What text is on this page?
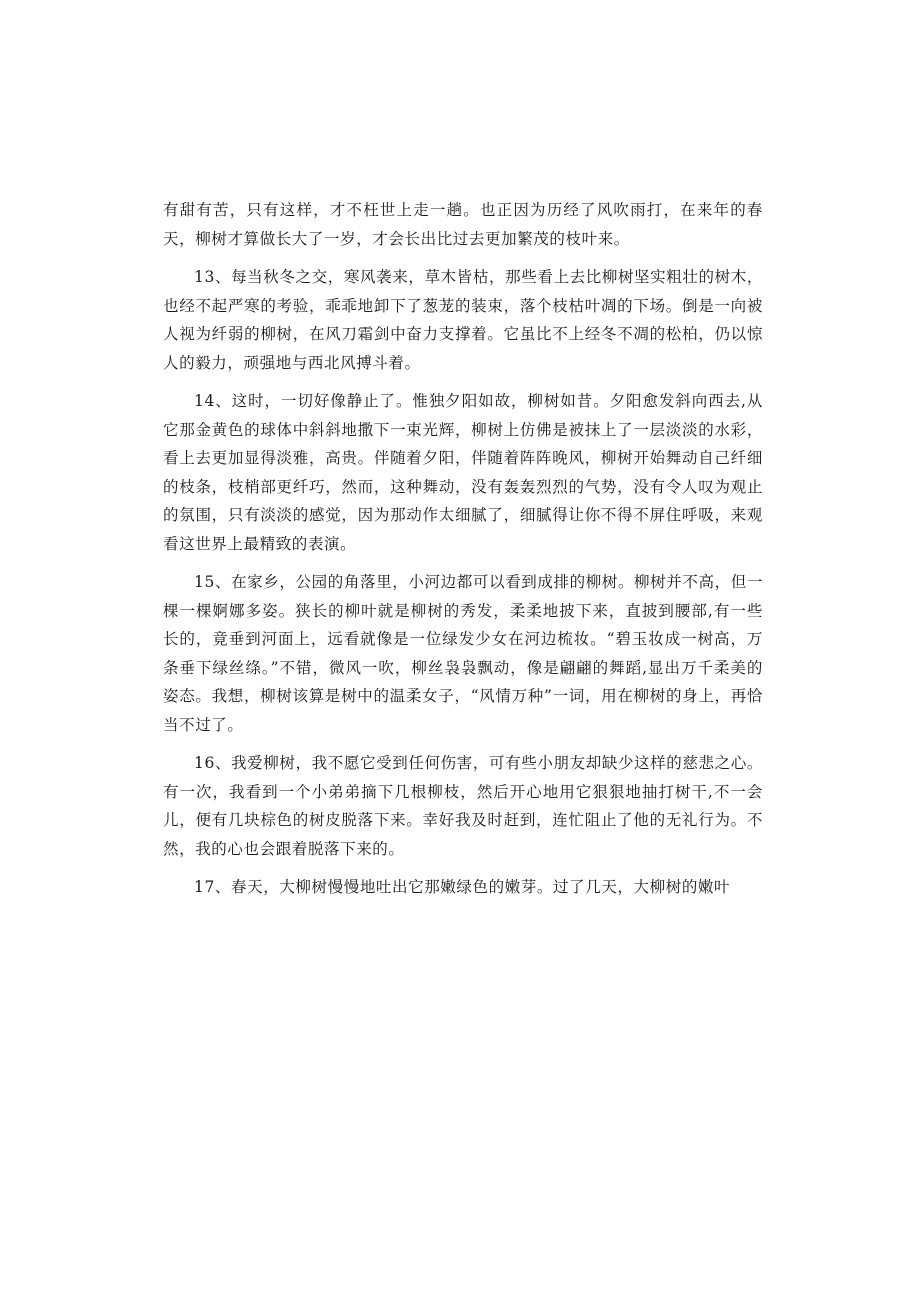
有甜有苦，只有这样，才不枉世上走一趟。也正因为历经了风吹雨打，在来年的春天，柳树才算做长大了一岁，才会长出比过去更加繁茂的枝叶来。

13、每当秋冬之交，寒风袭来，草木皆枯，那些看上去比柳树坚实粗壮的树木，也经不起严寒的考验，乖乖地卸下了葱茏的装束，落个枝枯叶凋的下场。倒是一向被人视为纤弱的柳树，在风刀霜剑中奋力支撑着。它虽比不上经冬不凋的松柏，仍以惊人的毅力，顽强地与西北风搏斗着。

14、这时，一切好像静止了。惟独夕阳如故，柳树如昔。夕阳愈发斜向西去,从它那金黄色的球体中斜斜地撒下一束光辉，柳树上仿佛是被抹上了一层淡淡的水彩，看上去更加显得淡雅，高贵。伴随着夕阳，伴随着阵阵晚风，柳树开始舞动自己纤细的枝条，枝梢部更纤巧，然而，这种舞动，没有轰轰烈烈的气势，没有令人叹为观止的氛围，只有淡淡的感觉，因为那动作太细腻了，细腻得让你不得不屏住呼吸，来观看这世界上最精致的表演。

15、在家乡，公园的角落里，小河边都可以看到成排的柳树。柳树并不高，但一棵一棵婀娜多姿。狭长的柳叶就是柳树的秀发，柔柔地披下来，直披到腰部,有一些长的，竟垂到河面上，远看就像是一位绿发少女在河边梳妆。“碧玉妆成一树高，万条垂下绿丝绦。”不错，微风一吹，柳丝袅袅飘动，像是翩翩的舞蹈,显出万千柔美的姿态。我想，柳树该算是树中的温柔女子，“风情万种”一词，用在柳树的身上，再恰当不过了。

16、我爱柳树，我不愿它受到任何伤害，可有些小朋友却缺少这样的慈悲之心。有一次，我看到一个小弟弟摘下几根柳枝，然后开心地用它狠狠地抽打树干,不一会儿，便有几块棕色的树皮脱落下来。幸好我及时赶到，连忙阻止了他的无礼行为。不然，我的心也会跟着脱落下来的。

17、春天，大柳树慢慢地吐出它那嫩绿色的嫩芽。过了几天，大柳树的嫩叶
